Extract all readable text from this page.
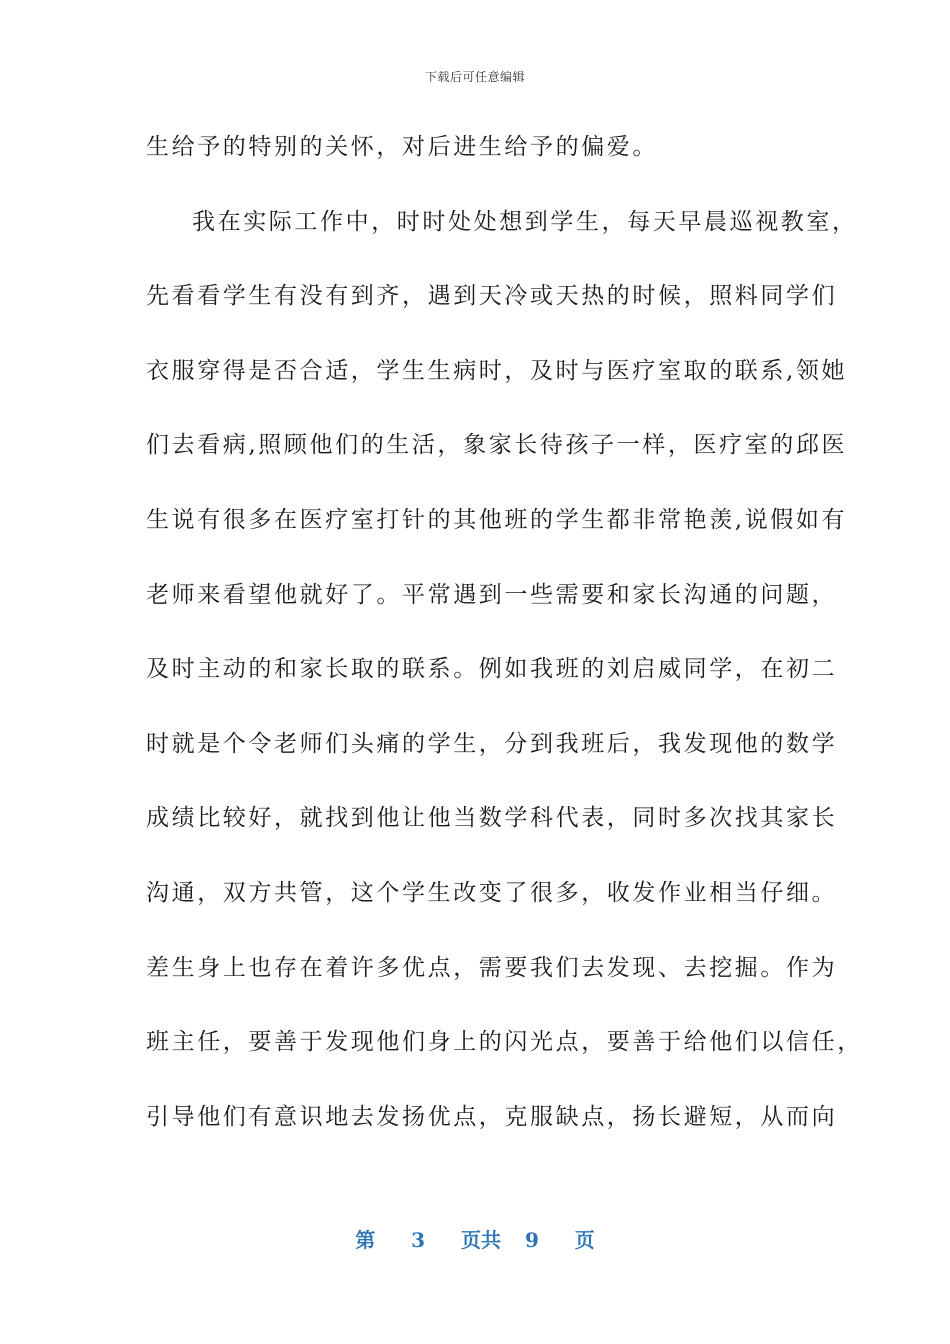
下载后可任意编辑
生给予的特别的关怀，对后进生给予的偏爱。
我在实际工作中，时时处处想到学生，每天早晨巡视教室，
先看看学生有没有到齐，遇到天冷或天热的时候，照料同学们
衣服穿得是否合适，学生生病时，及时与医疗室取的联系,领她
们去看病,照顾他们的生活，象家长待孩子一样，医疗室的邱医
生说有很多在医疗室打针的其他班的学生都非常艳羡,说假如有
老师来看望他就好了。平常遇到一些需要和家长沟通的问题，
及时主动的和家长取的联系。例如我班的刘启威同学，在初二
时就是个令老师们头痛的学生，分到我班后，我发现他的数学
成绩比较好，就找到他让他当数学科代表，同时多次找其家长
沟通，双方共管，这个学生改变了很多，收发作业相当仔细。
差生身上也存在着许多优点，需要我们去发现、去挖掘。作为
班主任，要善于发现他们身上的闪光点，要善于给他们以信任，
引导他们有意识地去发扬优点，克服缺点，扬长避短，从而向
第 3 页共 9 页
